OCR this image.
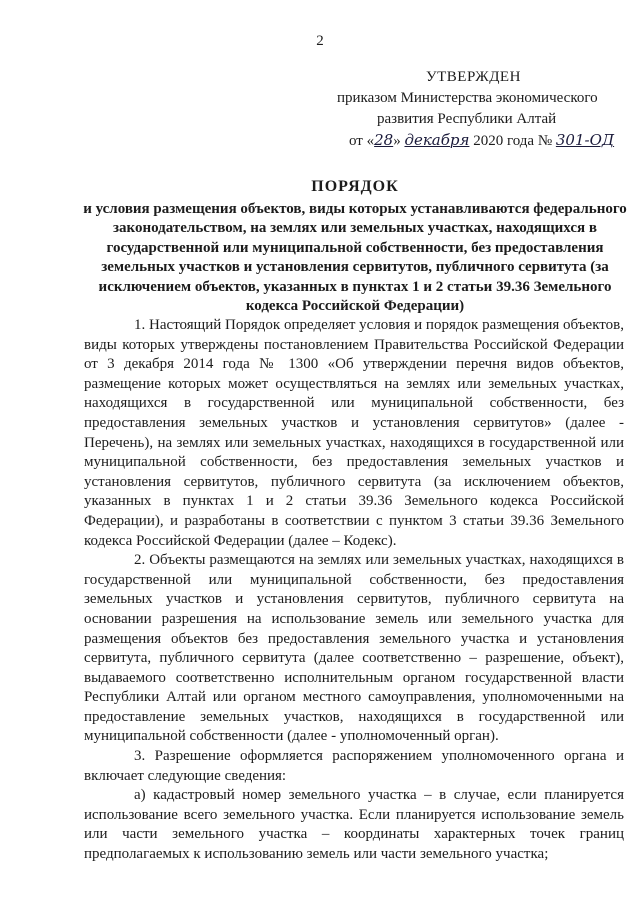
2
УТВЕРЖДЕН
приказом Министерства экономического
развития Республики Алтай
от «28» декабря 2020 года № 301-ОД
ПОРЯДОК
и условия размещения объектов, виды которых устанавливаются федерального законодательством, на землях или земельных участках, находящихся в государственной или муниципальной собственности, без предоставления земельных участков и установления сервитутов, публичного сервитута (за исключением объектов, указанных в пунктах 1 и 2 статьи 39.36 Земельного кодекса Российской Федерации)

1. Настоящий Порядок определяет условия и порядок размещения объектов, виды которых утверждены постановлением Правительства Российской Федерации от 3 декабря 2014 года № 1300 «Об утверждении перечня видов объектов, размещение которых может осуществляться на землях или земельных участках, находящихся в государственной или муниципальной собственности, без предоставления земельных участков и установления сервитутов» (далее - Перечень), на землях или земельных участках, находящихся в государственной или муниципальной собственности, без предоставления земельных участков и установления сервитутов, публичного сервитута (за исключением объектов, указанных в пунктах 1 и 2 статьи 39.36 Земельного кодекса Российской Федерации), и разработаны в соответствии с пунктом 3 статьи 39.36 Земельного кодекса Российской Федерации (далее – Кодекс).

2. Объекты размещаются на землях или земельных участках, находящихся в государственной или муниципальной собственности, без предоставления земельных участков и установления сервитутов, публичного сервитута на основании разрешения на использование земель или земельного участка для размещения объектов без предоставления земельного участка и установления сервитута, публичного сервитута (далее соответственно – разрешение, объект), выдаваемого соответственно исполнительным органом государственной власти Республики Алтай или органом местного самоуправления, уполномоченными на предоставление земельных участков, находящихся в государственной или муниципальной собственности (далее - уполномоченный орган).

3. Разрешение оформляется распоряжением уполномоченного органа и включает следующие сведения:

а) кадастровый номер земельного участка – в случае, если планируется использование всего земельного участка. Если планируется использование земель или части земельного участка – координаты характерных точек границ предполагаемых к использованию земель или части земельного участка;
